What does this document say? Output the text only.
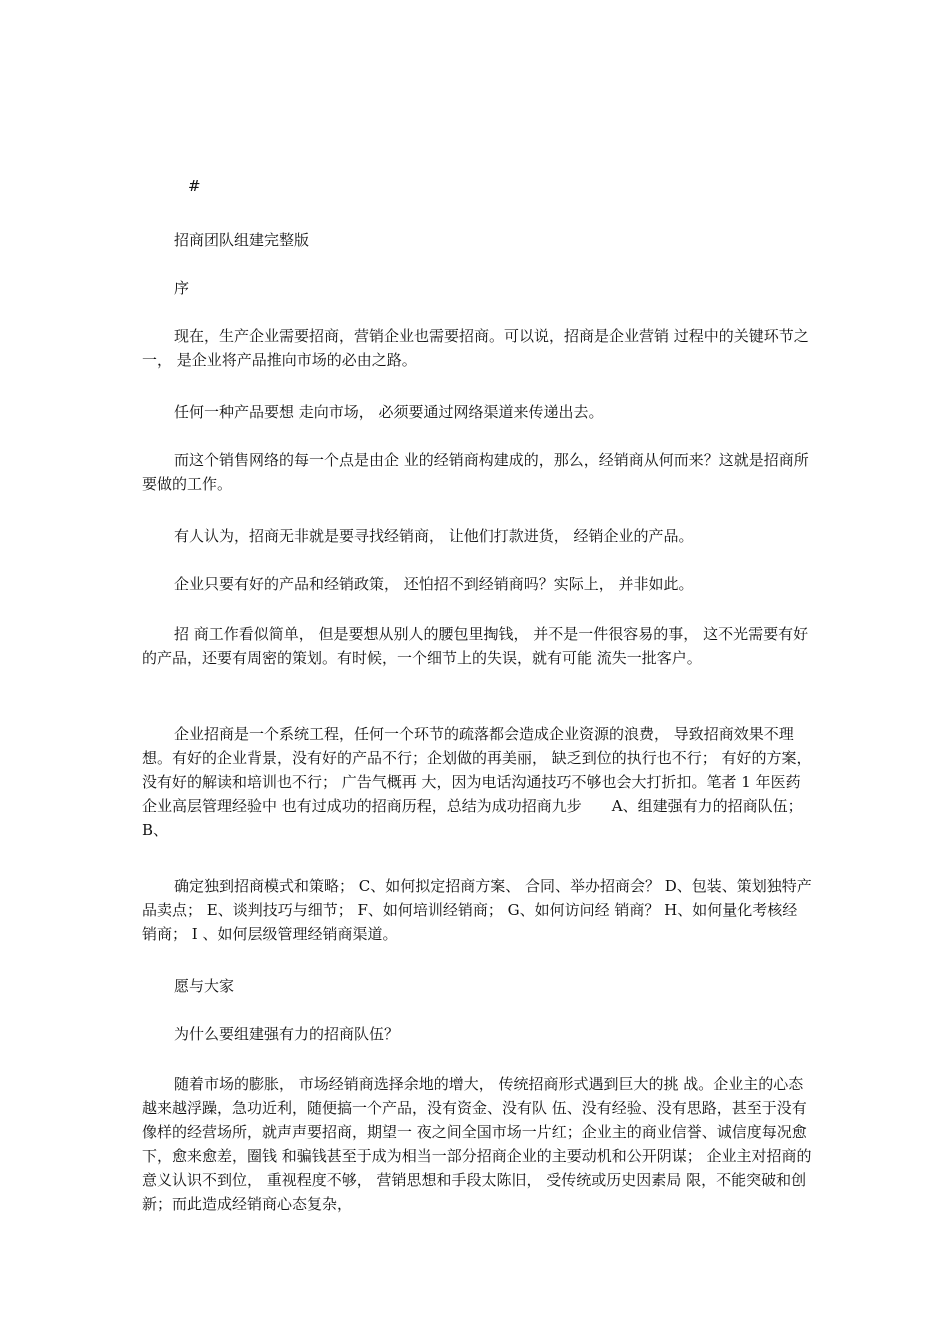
#

招商团队组建完整版

序

现在，生产企业需要招商，营销企业也需要招商。可以说，招商是企业营销 过程中的关键环节之一， 是企业将产品推向市场的必由之路。

任何一种产品要想 走向市场， 必须要通过网络渠道来传递出去。

而这个销售网络的每一个点是由企 业的经销商构建成的，那么，经销商从何而来？这就是招商所要做的工作。

有人认为，招商无非就是要寻找经销商， 让他们打款进货， 经销企业的产品。

企业只要有好的产品和经销政策， 还怕招不到经销商吗？实际上， 并非如此。

招 商工作看似简单， 但是要想从别人的腰包里掏钱， 并不是一件很容易的事， 这不光需要有好的产品，还要有周密的策划。有时候，一个细节上的失误，就有可能 流失一批客户。

企业招商是一个系统工程，任何一个环节的疏落都会造成企业资源的浪费， 导致招商效果不理想。有好的企业背景，没有好的产品不行；企划做的再美丽， 缺乏到位的执行也不行； 有好的方案， 没有好的解读和培训也不行； 广告气概再 大，因为电话沟通技巧不够也会大打折扣。笔者 1 年医药企业高层管理经验中 也有过成功的招商历程，总结为成功招商九步　　A、组建强有力的招商队伍； B、

确定独到招商模式和策略； C、如何拟定招商方案、 合同、举办招商会？ D、包装、策划独特产品卖点； E、谈判技巧与细节； F、如何培训经销商； G、如何访问经 销商？ H、如何量化考核经销商； I 、如何层级管理经销商渠道。

愿与大家

为什么要组建强有力的招商队伍？

随着市场的膨胀， 市场经销商选择余地的增大， 传统招商形式遇到巨大的挑 战。企业主的心态越来越浮躁，急功近利，随便搞一个产品，没有资金、没有队 伍、没有经验、没有思路，甚至于没有像样的经营场所，就声声要招商，期望一 夜之间全国市场一片红；企业主的商业信誉、诚信度每况愈下，愈来愈差，圈钱 和骗钱甚至于成为相当一部分招商企业的主要动机和公开阴谋； 企业主对招商的 意义认识不到位， 重视程度不够， 营销思想和手段太陈旧， 受传统或历史因素局 限，不能突破和创新；而此造成经销商心态复杂，
